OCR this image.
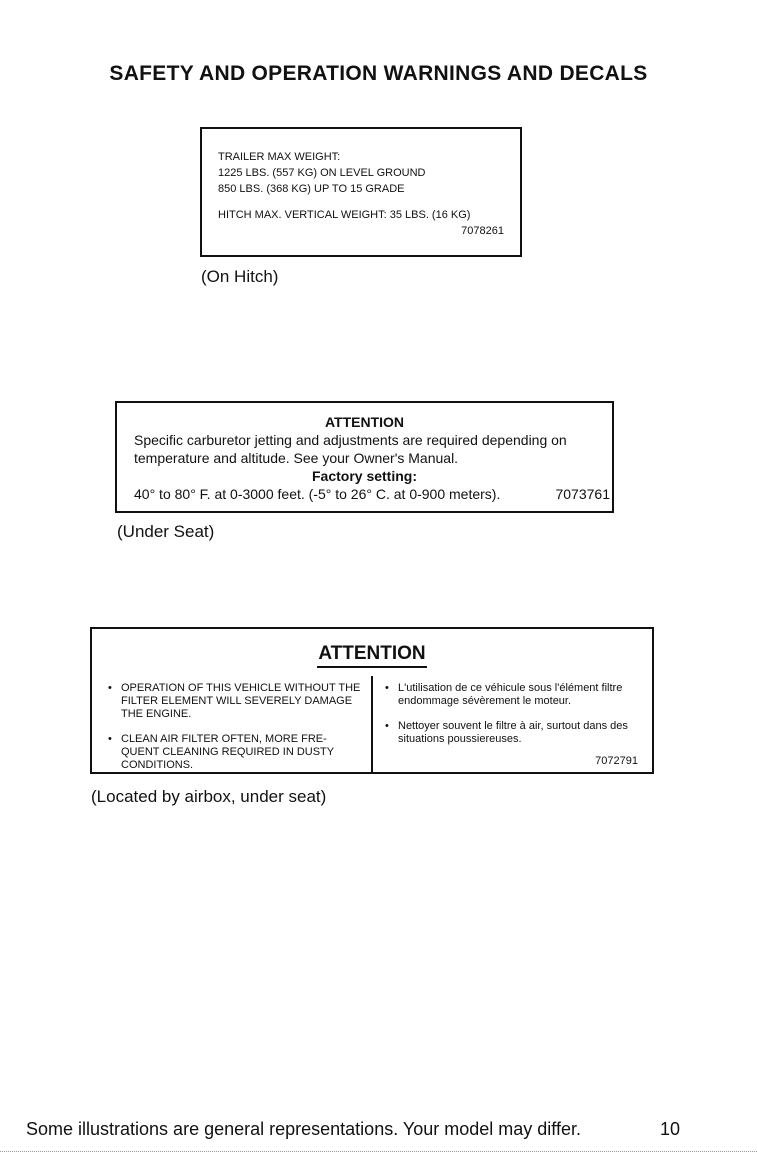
SAFETY AND OPERATION WARNINGS AND DECALS
TRAILER MAX WEIGHT:
1225 LBS. (557 KG) ON LEVEL GROUND
850 LBS. (368 KG) UP TO 15 GRADE
HITCH MAX. VERTICAL WEIGHT: 35 LBS. (16 KG)
7078261

(On Hitch)

ATTENTION
Specific carburetor jetting and adjustments are required depending on
temperature and altitude. See your Owner's Manual.
Factory setting:
40° to 80° F. at 0-3000 feet. (-5° to 26° C. at 0-900 meters).	7073761

(Under Seat)

ATTENTION
• OPERATION OF THIS VEHICLE WITHOUT THE FILTER ELEMENT WILL SEVERELY DAMAGE THE ENGINE.
• CLEAN AIR FILTER OFTEN, MORE FRE-QUENT CLEANING REQUIRED IN DUSTY CONDITIONS.
• L'utilisation de ce véhicule sous l'élément filtre endommage sévèrement le moteur.
• Nettoyer souvent le filtre à air, surtout dans des situations poussiereuses.
7072791

(Located by airbox, under seat)

Some illustrations are general representations. Your model may differ.	10
